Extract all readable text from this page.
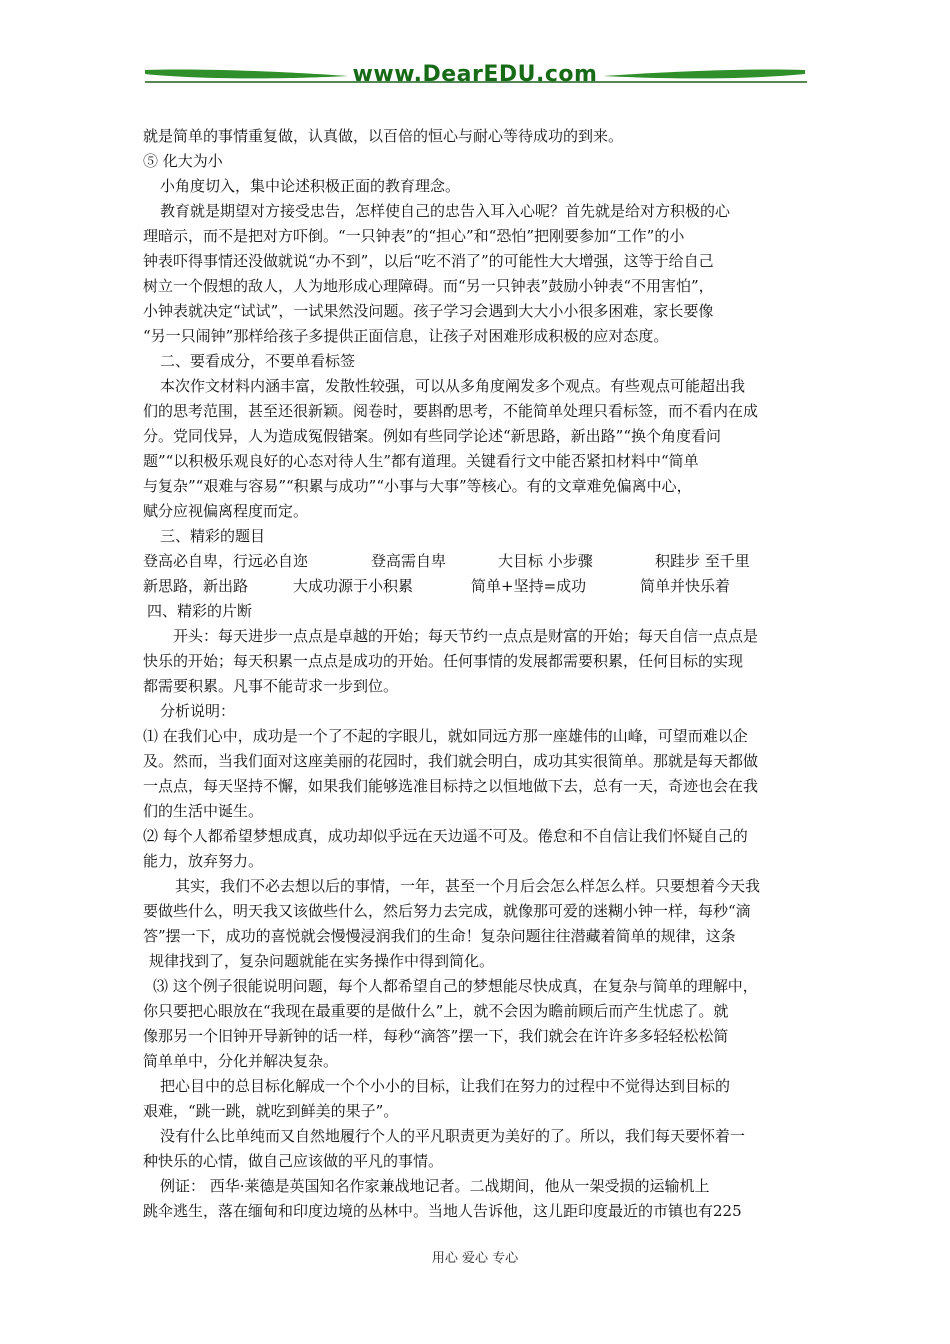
www.DearEDU.com
就是简单的事情重复做，认真做，以百倍的恒心与耐心等待成功的到来。
⑤ 化大为小
小角度切入，集中论述积极正面的教育理念。
教育就是期望对方接受忠告，怎样使自己的忠告入耳入心呢？首先就是给对方积极的心
理暗示，而不是把对方吓倒。“一只钟表”的“担心”和“恐怕”把刚要参加“工作”的小
钟表吓得事情还没做就说“办不到”，以后“吃不消了”的可能性大大增强，这等于给自己
树立一个假想的敌人，人为地形成心理障碍。而“另一只钟表”鼓励小钟表“不用害怕”，
小钟表就决定“试试”，一试果然没问题。孩子学习会遇到大大小小很多困难，家长要像
“另一只闹钟”那样给孩子多提供正面信息，让孩子对困难形成积极的应对态度。
二、要看成分，不要单看标签
本次作文材料内涵丰富，发散性较强，可以从多角度阐发多个观点。有些观点可能超出我
们的思考范围，甚至还很新颖。阅卷时，要斟酌思考，不能简单处理只看标签，而不看内在成
分。党同伐异，人为造成冤假错案。例如有些同学论述“新思路，新出路”“换个角度看问
题”“以积极乐观良好的心态对待人生”都有道理。关键看行文中能否紧扣材料中“简单
与复杂”“艰难与容易”“积累与成功”“小事与大事”等核心。有的文章难免偏离中心，
赋分应视偏离程度而定。
三、精彩的题目
登高必自卑，行远必自迩	登高需自卑	大目标 小步骤	积跬步 至千里
新思路，新出路	大成功源于小积累	简单+坚持=成功	简单并快乐着
四、精彩的片断
开头：每天进步一点点是卓越的开始；每天节约一点点是财富的开始；每天自信一点点是
快乐的开始；每天积累一点点是成功的开始。任何事情的发展都需要积累，任何目标的实现
都需要积累。凡事不能苛求一步到位。
分析说明：
⑴ 在我们心中，成功是一个了不起的字眼儿，就如同远方那一座雄伟的山峰，可望而难以企
及。然而，当我们面对这座美丽的花园时，我们就会明白，成功其实很简单。那就是每天都做
一点点，每天坚持不懈，如果我们能够选准目标持之以恒地做下去，总有一天，奇迹也会在我
们的生活中诞生。
⑵ 每个人都希望梦想成真，成功却似乎远在天边遥不可及。倦怠和不自信让我们怀疑自己的
能力，放弃努力。
其实，我们不必去想以后的事情，一年，甚至一个月后会怎么样怎么样。只要想着今天我
要做些什么，明天我又该做些什么，然后努力去完成，就像那可爱的迷糊小钟一样，每秒“滴
答”摆一下，成功的喜悦就会慢慢浸润我们的生命！复杂问题往往潜藏着简单的规律，这条
规律找到了，复杂问题就能在实务操作中得到简化。
⑶ 这个例子很能说明问题，每个人都希望自己的梦想能尽快成真，在复杂与简单的理解中，
你只要把心眼放在“我现在最重要的是做什么”上，就不会因为瞻前顾后而产生忧虑了。就
像那另一个旧钟开导新钟的话一样，每秒“滴答”摆一下，我们就会在许许多多轻轻松松简
简单单中，分化并解决复杂。
把心目中的总目标化解成一个个小小的目标，让我们在努力的过程中不觉得达到目标的
艰难，“跳一跳，就吃到鲜美的果子”。
没有什么比单纯而又自然地履行个人的平凡职责更为美好的了。所以，我们每天要怀着一
种快乐的心情，做自己应该做的平凡的事情。
例证： 西华·莱德是英国知名作家兼战地记者。二战期间，他从一架受损的运输机上
跳伞逃生，落在缅甸和印度边境的丛林中。当地人告诉他，这儿距印度最近的市镇也有225
用心 爱心 专心
